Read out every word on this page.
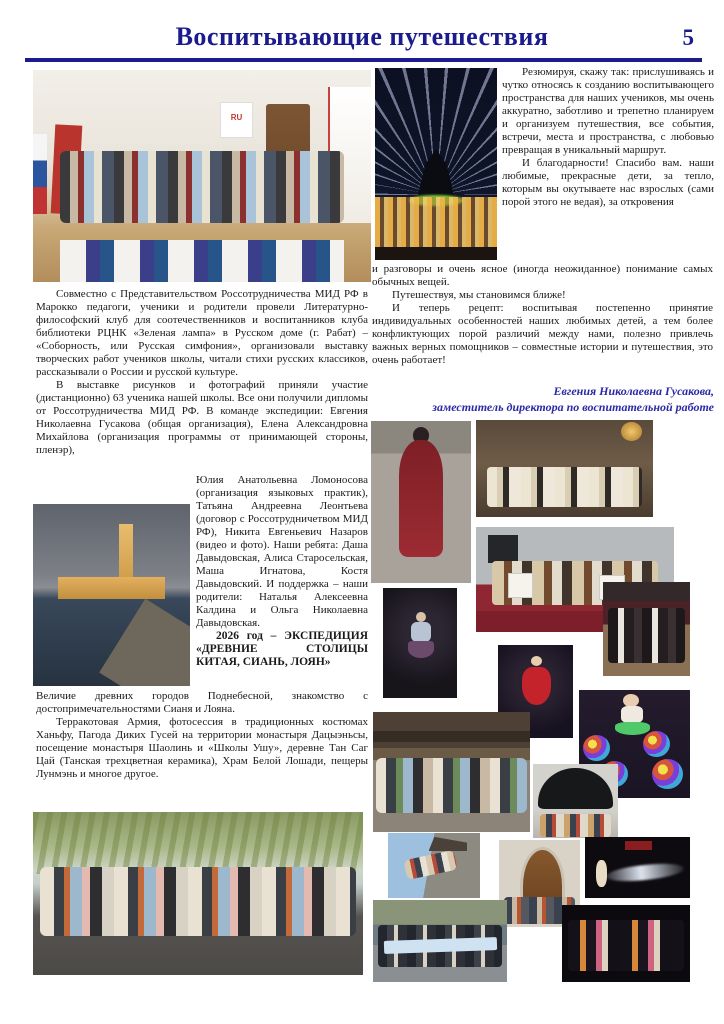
Воспитывающие путешествия	5
RU

Совместно с Представительством Россотрудничества МИД РФ в Марокко педагоги, ученики и родители провели Литературно-философский клуб для соотечественников и воспитанников клуба библиотеки РЦНК «Зеленая лампа» в Русском доме (г. Рабат) – «Соборность, или Русская симфония», организовали выставку творческих работ учеников школы, читали стихи русских классиков, рассказывали о России и русской культуре.

В выставке рисунков и фотографий приняли участие (дистанционно) 63 ученика нашей школы. Все они получили дипломы от Россотрудничества МИД РФ. В команде экспедиции: Евгения Николаевна Гусакова (общая организация), Елена Александровна Михайлова (организация программы от принимающей стороны, пленэр),

Юлия Анатольевна Ломоносова (организация языковых практик), Татьяна Андреевна Леонтьева (договор с Россотрудничетвом МИД РФ), Никита Евгеньевич Назаров (видео и фото). Наши ребята: Даша Давыдовская, Алиса Старосельская, Маша Игнатова, Костя Давыдовский. И поддержка – наши родители: Наталья Алексеевна Калдина и Ольга Николаевна Давыдовская.

2026 год – ЭКСПЕДИЦИЯ «ДРЕВНИЕ СТОЛИЦЫ КИТАЯ, СИАНЬ, ЛОЯН»

Величие древних городов Поднебесной, знакомство с достопримечательностями Сианя и Лояна.

Терракотовая Армия, фотосессия в традиционных костюмах Ханьфу, Пагода Диких Гусей на территории монастыря Дацыэньсы, посещение монастыря Шаолинь и «Школы Ушу», деревне Тан Саг Цай (Танская трехцветная керамика), Храм Белой Лошади, пещеры Лунмэнь и многое другое.

Резюмируя, скажу так: прислушиваясь и чутко относясь к созданию воспитывающего пространства для наших учеников, мы очень аккуратно, заботливо и трепетно планируем и организуем путешествия, все события, встречи, места и пространства, с любовью превращая в уникальный маршрут.

И благодарности! Спасибо вам. наши любимые, прекрасные дети, за тепло, которым вы окутываете нас взрослых (сами порой этого не ведая), за откровения

и разговоры и очень ясное (иногда неожиданное) понимание самых обычных вещей.

Путешествуя, мы становимся ближе!

И теперь рецепт: воспитывая постепенно принятие индивидуальных особенностей наших любимых детей, а тем более конфликтующих порой различий между нами, полезно привлечь важных верных помощников – совместные истории и путешествия, это очень работает!

Евгения Николаевна Гусакова,
заместитель директора по воспитательной работе
